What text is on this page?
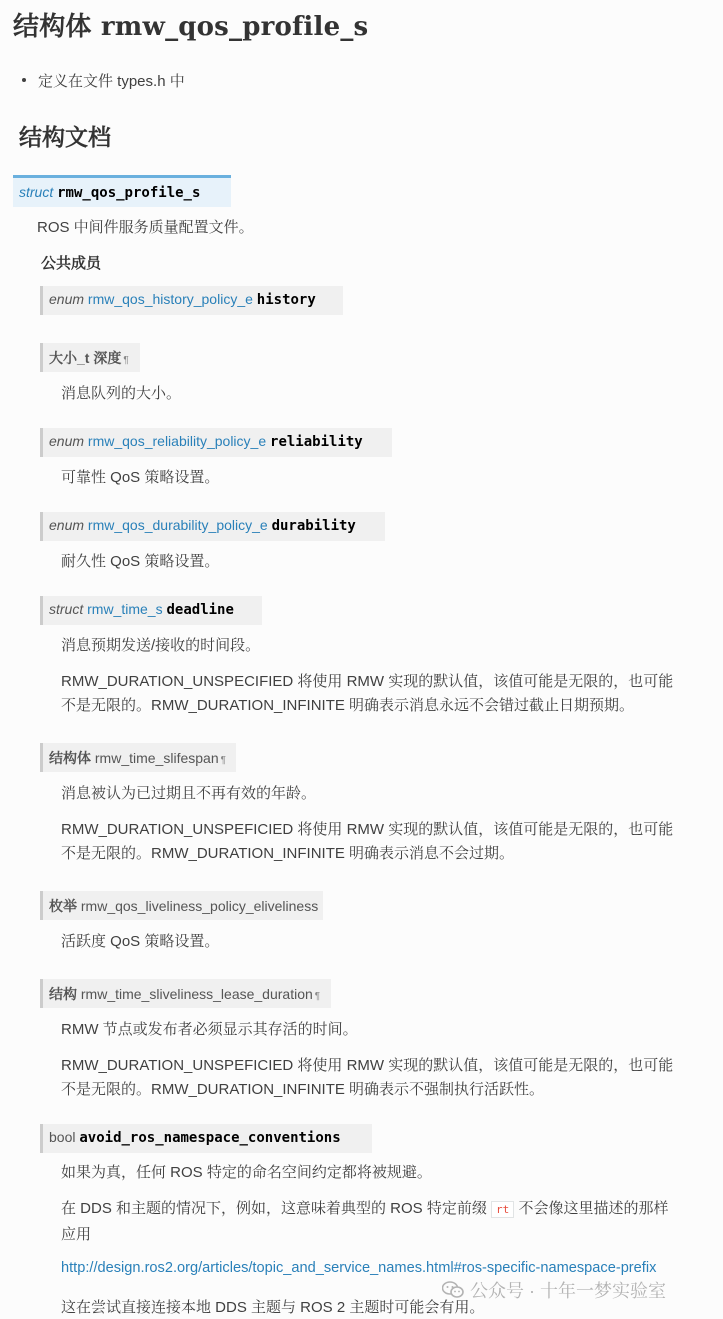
结构体 rmw_qos_profile_s
定义在文件 types.h 中
结构文档
struct rmw_qos_profile_s
ROS 中间件服务质量配置文件。
公共成员
enum rmw_qos_history_policy_e history
大小_t 深度 ¶
消息队列的大小。
enum rmw_qos_reliability_policy_e reliability
可靠性 QoS 策略设置。
enum rmw_qos_durability_policy_e durability
耐久性 QoS 策略设置。
struct rmw_time_s deadline
消息预期发送/接收的时间段。
RMW_DURATION_UNSPECIFIED 将使用 RMW 实现的默认值，该值可能是无限的，也可能
不是无限的。RMW_DURATION_INFINITE 明确表示消息永远不会错过截止日期预期。
结构体 rmw_time_slifespan ¶
消息被认为已过期且不再有效的年龄。
RMW_DURATION_UNSPEFICIED 将使用 RMW 实现的默认值，该值可能是无限的，也可能
不是无限的。RMW_DURATION_INFINITE 明确表示消息不会过期。
枚举 rmw_qos_liveliness_policy_eliveliness
活跃度 QoS 策略设置。
结构 rmw_time_sliveliness_lease_duration ¶
RMW 节点或发布者必须显示其存活的时间。
RMW_DURATION_UNSPEFICIED 将使用 RMW 实现的默认值，该值可能是无限的，也可能
不是无限的。RMW_DURATION_INFINITE 明确表示不强制执行活跃性。
bool avoid_ros_namespace_conventions
如果为真，任何 ROS 特定的命名空间约定都将被规避。
在 DDS 和主题的情况下，例如，这意味着典型的 ROS 特定前缀 rt 不会像这里描述的那样
应用
http://design.ros2.org/articles/topic_and_service_names.html#ros-specific-namespace-prefix
这在尝试直接连接本地 DDS 主题与 ROS 2 主题时可能会有用。
公众号 · 十年一梦实验室
